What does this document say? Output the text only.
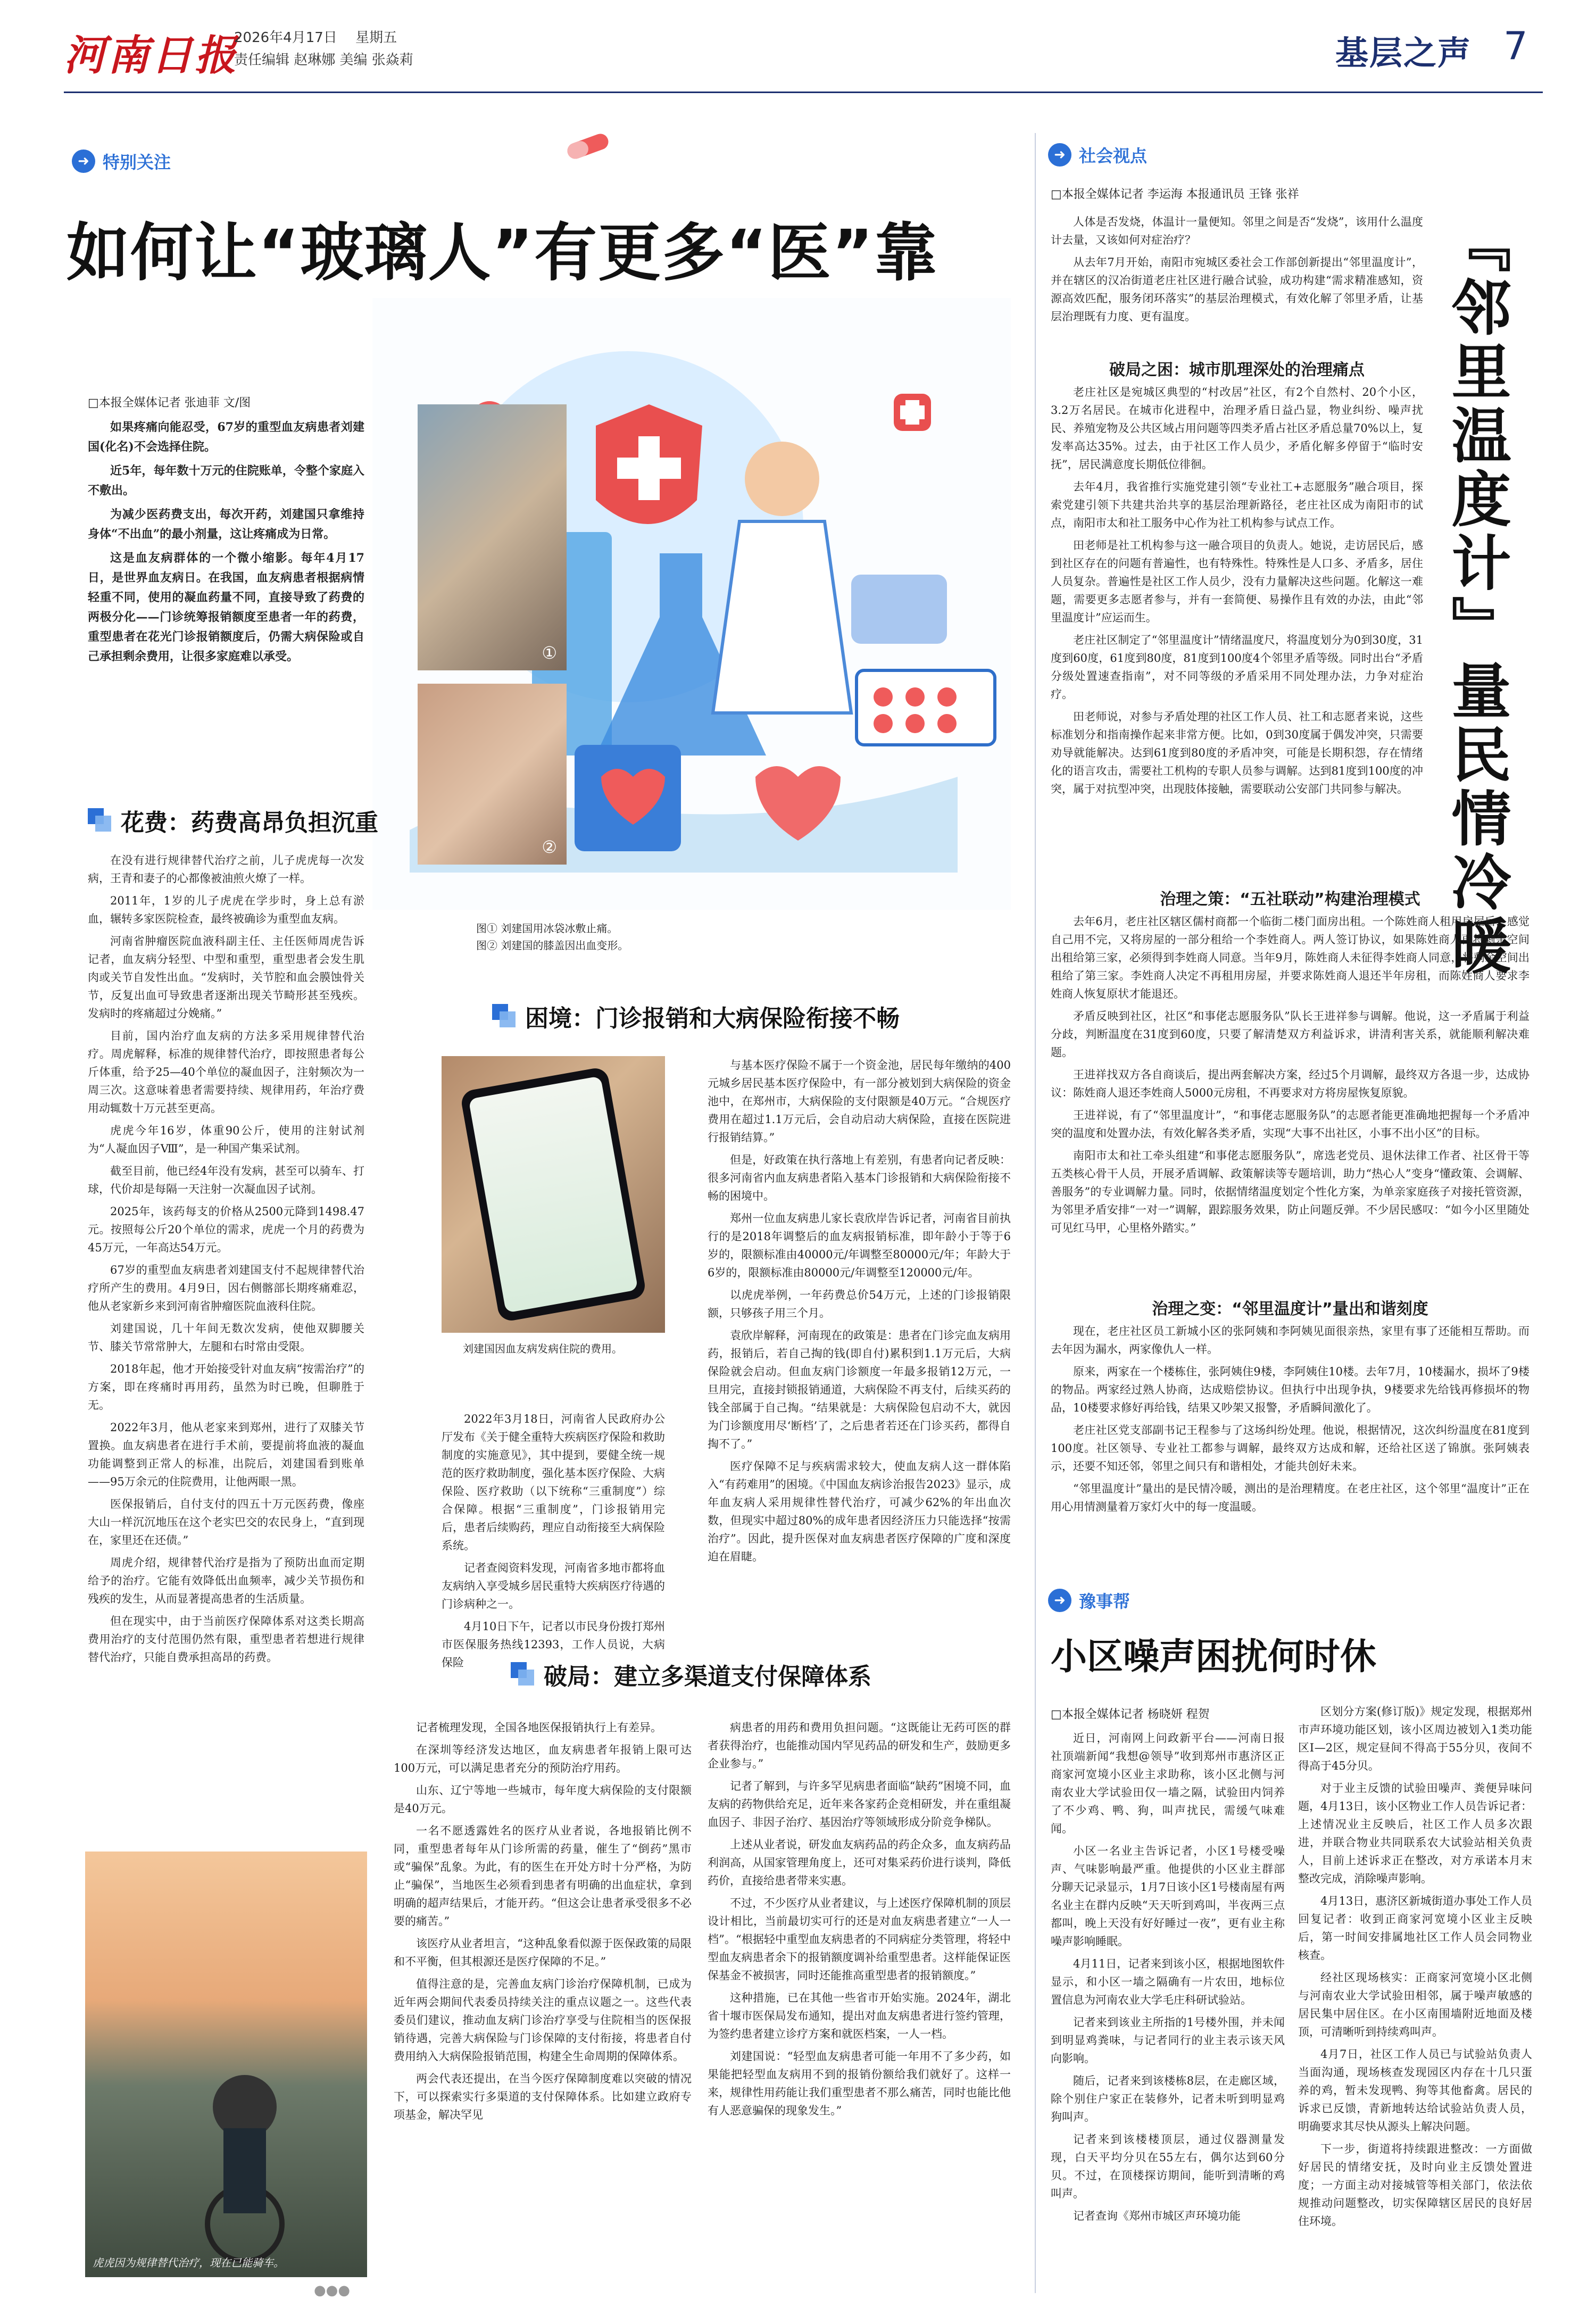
河南日报
2026年4月17日 星期五
责任编辑 赵琳娜 美编 张焱莉	基层之声 7
➜ 特别关注
如何让“玻璃人”有更多“医”靠
①
②
图① 刘建国用冰袋冰敷止痛。
图② 刘建国的膝盖因出血变形。
□本报全媒体记者 张迪菲 文/图

如果疼痛向能忍受，67岁的重型血友病患者刘建国(化名)不会选择住院。

近5年，每年数十万元的住院账单，令整个家庭入不敷出。

为减少医药费支出，每次开药，刘建国只拿维持身体“不出血”的最小剂量，这让疼痛成为日常。

这是血友病群体的一个微小缩影。每年4月17日，是世界血友病日。在我国，血友病患者根据病情轻重不同，使用的凝血药量不同，直接导致了药费的两极分化——门诊统筹报销额度至患者一年的药费，重型患者在花光门诊报销额度后，仍需大病保险或自己承担剩余费用，让很多家庭难以承受。

花费：药费高昂负担沉重

在没有进行规律替代治疗之前，儿子虎虎每一次发病，王青和妻子的心都像被油煎火燎了一样。

2011年，1岁的儿子虎虎在学步时，身上总有淤血，辗转多家医院检查，最终被确诊为重型血友病。

河南省肿瘤医院血液科副主任、主任医师周虎告诉记者，血友病分轻型、中型和重型，重型患者会发生肌肉或关节自发性出血。“发病时，关节腔和血会膜蚀骨关节，反复出血可导致患者逐渐出现关节畸形甚至残疾。发病时的疼痛超过分娩痛。”

目前，国内治疗血友病的方法多采用规律替代治疗。周虎解释，标准的规律替代治疗，即按照患者每公斤体重，给予25—40个单位的凝血因子，注射频次为一周三次。这意味着患者需要持续、规律用药，年治疗费用动辄数十万元甚至更高。

虎虎今年16岁，体重90公斤，使用的注射试剂为“人凝血因子Ⅷ”，是一种国产集采试剂。

截至目前，他已经4年没有发病，甚至可以骑车、打球，代价却是每隔一天注射一次凝血因子试剂。

2025年，该药每支的价格从2500元降到1498.47元。按照每公斤20个单位的需求，虎虎一个月的药费为45万元，一年高达54万元。

67岁的重型血友病患者刘建国支付不起规律替代治疗所产生的费用。4月9日，因右侧髂部长期疼痛难忍，他从老家新乡来到河南省肿瘤医院血液科住院。

刘建国说，几十年间无数次发病，使他双脚腰关节、膝关节常常肿大，左腿和右时常由受限。

2018年起，他才开始接受针对血友病“按需治疗”的方案，即在疼痛时再用药，虽然为时已晚，但聊胜于无。

2022年3月，他从老家来到郑州，进行了双膝关节置换。血友病患者在进行手术前，要提前将血液的凝血功能调整到正常人的标准，出院后，刘建国看到账单——95万余元的住院费用，让他两眼一黑。

医保报销后，自付支付的四五十万元医药费，像座大山一样沉沉地压在这个老实巴交的农民身上，“直到现在，家里还在还债。”

周虎介绍，规律替代治疗是指为了预防出血而定期给予的治疗。它能有效降低出血频率，减少关节损伤和残疾的发生，从而显著提高患者的生活质量。

但在现实中，由于当前医疗保障体系对这类长期高费用治疗的支付范围仍然有限，重型患者若想进行规律替代治疗，只能自费承担高昂的药费。

虎虎因为规律替代治疗，现在已能骑车。
●●●
困境：门诊报销和大病保险衔接不畅
刘建国因血友病发病住院的费用。

2022年3月18日，河南省人民政府办公厅发布《关于健全重特大疾病医疗保险和救助制度的实施意见》，其中提到，要健全统一规范的医疗救助制度，强化基本医疗保险、大病保险、医疗救助（以下统称“三重制度”）综合保障。根据“三重制度”，门诊报销用完后，患者后续购药，理应自动衔接至大病保险系统。

记者查阅资料发现，河南省多地市都将血友病纳入享受城乡居民重特大疾病医疗待遇的门诊病种之一。

4月10日下午，记者以市民身份拨打郑州市医保服务热线12393，工作人员说，大病保险

与基本医疗保险不属于一个资金池，居民每年缴纳的400元城乡居民基本医疗保险中，有一部分被划到大病保险的资金池中，在郑州市，大病保险的支付限额是40万元。“合规医疗费用在超过1.1万元后，会自动启动大病保险，直接在医院进行报销结算。”

但是，好政策在执行落地上有差别，有患者向记者反映：很多河南省内血友病患者陷入基本门诊报销和大病保险衔接不畅的困境中。

郑州一位血友病患儿家长袁欣岸告诉记者，河南省目前执行的是2018年调整后的血友病报销标准，即年龄小于等于6岁的，限额标准由40000元/年调整至80000元/年；年龄大于6岁的，限额标准由80000元/年调整至120000元/年。

以虎虎举例，一年药费总价54万元，上述的门诊报销限额，只够孩子用三个月。

袁欣岸解释，河南现在的政策是：患者在门诊完血友病用药，报销后，若自己掏的钱(即自付)累积到1.1万元后，大病保险就会启动。但血友病门诊额度一年最多报销12万元，一旦用完，直接封锁报销通道，大病保险不再支付，后续买药的钱全部属于自己掏。“结果就是：大病保险包启动不大，就因为门诊额度用尽‘断档’了，之后患者若还在门诊买药，都得自掏不了。”

医疗保障不足与疾病需求较大，使血友病人这一群体陷入“有药难用”的困境。《中国血友病诊治报告2023》显示，成年血友病人采用规律性替代治疗，可减少62%的年出血次数，但现实中超过80%的成年患者因经济压力只能选择“按需治疗”。因此，提升医保对血友病患者医疗保障的广度和深度迫在眉睫。

破局：建立多渠道支付保障体系

记者梳理发现，全国各地医保报销执行上有差异。

在深圳等经济发达地区，血友病患者年报销上限可达100万元，可以满足患者充分的预防治疗用药。

山东、辽宁等地一些城市，每年度大病保险的支付限额是40万元。

一名不愿透露姓名的医疗从业者说，各地报销比例不同，重型患者每年从门诊所需的药量，催生了“倒药”黑市或“骗保”乱象。为此，有的医生在开处方时十分严格，为防止“骗保”，当地医生必须看到患者有明确的出血症状，拿到明确的超声结果后，才能开药。“但这会让患者承受很多不必要的痛苦。”

该医疗从业者坦言，“这种乱象看似源于医保政策的局限和不平衡，但其根源还是医疗保障的不足。”

值得注意的是，完善血友病门诊治疗保障机制，已成为近年两会期间代表委员持续关注的重点议题之一。这些代表委员们建议，推动血友病门诊治疗享受与住院相当的医保报销待遇，完善大病保险与门诊保障的支付衔接，将患者自付费用纳入大病保险报销范围，构建全生命周期的保障体系。

两会代表还提出，在当今医疗保障制度难以突破的情况下，可以探索实行多渠道的支付保障体系。比如建立政府专项基金，解决罕见

病患者的用药和费用负担问题。“这既能让无药可医的群者获得治疗，也能推动国内罕见药品的研发和生产，鼓励更多企业参与。”

记者了解到，与许多罕见病患者面临“缺药”困境不同，血友病的药物供给充足，近年来各家药企竞相研发，并在重组凝血因子、非因子治疗、基因治疗等领域形成分阶竞争梯队。

上述从业者说，研发血友病药品的药企众多，血友病药品利润高，从国家管理角度上，还可对集采药价进行谈判，降低药价，直接给患者带来实惠。

不过，不少医疗从业者建议，与上述医疗保障机制的顶层设计相比，当前最切实可行的还是对血友病患者建立“一人一档”。“根据轻中重型血友病患者的不同病症分类管理，将轻中型血友病患者余下的报销额度调补给重型患者。这样能保证医保基金不被损害，同时还能推高重型患者的报销额度。”

这种措施，已在其他一些省市开始实施。2024年，湖北省十堰市医保局发布通知，提出对血友病患者进行签约管理，为签约患者建立诊疗方案和就医档案，一人一档。

刘建国说：“轻型血友病患者可能一年用不了多少药，如果能把轻型血友病用不到的报销份额给我们就好了。这样一来，规律性用药能让我们重型患者不那么痛苦，同时也能比他有人恶意骗保的现象发生。”

➜ 社会视点
□本报全媒体记者 李运海 本报通讯员 王锋 张祥
『邻里温度计』量民情冷暖

人体是否发烧，体温计一量便知。邻里之间是否“发烧”，该用什么温度计去量，又该如何对症治疗？

从去年7月开始，南阳市宛城区委社会工作部创新提出“邻里温度计”，并在辖区的汉冶街道老庄社区进行融合试验，成功构建“需求精准感知，资源高效匹配，服务闭环落实”的基层治理模式，有效化解了邻里矛盾，让基层治理既有力度、更有温度。

破局之困：城市肌理深处的治理痛点

老庄社区是宛城区典型的“村改居”社区，有2个自然村、20个小区，3.2万名居民。在城市化进程中，治理矛盾日益凸显，物业纠纷、噪声扰民、养殖宠物及公共区域占用问题等四类矛盾占社区矛盾总量70%以上，复发率高达35%。过去，由于社区工作人员少，矛盾化解多停留于“临时安抚”，居民满意度长期低位徘徊。

去年4月，我省推行实施党建引领“专业社工+志愿服务”融合项目，探索党建引领下共建共治共享的基层治理新路径，老庄社区成为南阳市的试点，南阳市太和社工服务中心作为社工机构参与试点工作。

田老师是社工机构参与这一融合项目的负责人。她说，走访居民后，感到社区存在的问题有普遍性，也有特殊性。特殊性是人口多、矛盾多，居住人员复杂。普遍性是社区工作人员少，没有力量解决这些问题。化解这一难题，需要更多志愿者参与，并有一套简便、易操作且有效的办法，由此“邻里温度计”应运而生。

老庄社区制定了“邻里温度计”情绪温度尺，将温度划分为0到30度，31度到60度，61度到80度，81度到100度4个邻里矛盾等级。同时出台“矛盾分级处置速查指南”，对不同等级的矛盾采用不同处理办法，力争对症治疗。

田老师说，对参与矛盾处理的社区工作人员、社工和志愿者来说，这些标准划分和指南操作起来非常方便。比如，0到30度属于偶发冲突，只需要劝导就能解决。达到61度到80度的矛盾冲突，可能是长期积怨，存在情绪化的语言攻击，需要社工机构的专职人员参与调解。达到81度到100度的冲突，属于对抗型冲突，出现肢体接触，需要联动公安部门共同参与解决。

治理之策：“五社联动”构建治理模式

去年6月，老庄社区辖区儒村商都一个临街二楼门面房出租。一个陈姓商人租用房屋后，感觉自己用不完，又将房屋的一部分租给一个李姓商人。两人签订协议，如果陈姓商人再将剩余空间出租给第三家，必须得到李姓商人同意。当年9月，陈姓商人未征得李姓商人同意，将剩余空间出租给了第三家。李姓商人决定不再租用房屋，并要求陈姓商人退还半年房租，而陈姓商人要求李姓商人恢复原状才能退还。

矛盾反映到社区，社区“和事佬志愿服务队”队长王进祥参与调解。他说，这一矛盾属于利益分歧，判断温度在31度到60度，只要了解清楚双方利益诉求，讲清利害关系，就能顺利解决难题。

王进祥找双方各自商谈后，提出两套解决方案，经过5个月调解，最终双方各退一步，达成协议：陈姓商人退还李姓商人5000元房租，不再要求对方将房屋恢复原貌。

王进祥说，有了“邻里温度计”，“和事佬志愿服务队”的志愿者能更准确地把握每一个矛盾冲突的温度和处置办法，有效化解各类矛盾，实现“大事不出社区，小事不出小区”的目标。

南阳市太和社工牵头组建“和事佬志愿服务队”，席选老党员、退休法律工作者、社区骨干等五类核心骨干人员，开展矛盾调解、政策解读等专题培训，助力“热心人”变身“懂政策、会调解、善服务”的专业调解力量。同时，依据情绪温度划定个性化方案，为单亲家庭孩子对接托管资源，为邻里矛盾安排“一对一”调解，跟踪服务效果，防止问题反弹。不少居民感叹：“如今小区里随处可见红马甲，心里格外踏实。”

治理之变：“邻里温度计”量出和谐刻度

现在，老庄社区员工新城小区的张阿姨和李阿姨见面很亲热，家里有事了还能相互帮助。而去年因为漏水，两家像仇人一样。

原来，两家在一个楼栋住，张阿姨住9楼，李阿姨住10楼。去年7月，10楼漏水，损坏了9楼的物品。两家经过熟人协商，达成赔偿协议。但执行中出现争执，9楼要求先给钱再修损坏的物品，10楼要求修好再给钱，结果又吵架又报警，矛盾瞬间激化了。

老庄社区党支部副书记王程参与了这场纠纷处理。他说，根据情况，这次纠纷温度在81度到100度。社区领导、专业社工都参与调解，最终双方达成和解，还给社区送了锦旗。张阿姨表示，还要不知还邻，邻里之间只有和谐相处，才能共创好未来。

“邻里温度计”量出的是民情冷暖，测出的是治理精度。在老庄社区，这个邻里“温度计”正在用心用情测量着万家灯火中的每一度温暖。

➜ 豫事帮
小区噪声困扰何时休
□本报全媒体记者 杨晓妍 程贺

近日，河南网上问政新平台——河南日报社顶端新闻“我想@领导”收到郑州市惠济区正商家河宽境小区业主求助称，该小区北侧与河南农业大学试验田仅一墙之隔，试验田内饲养了不少鸡、鸭、狗，叫声扰民，需缓气味难闻。

小区一名业主告诉记者，小区1号楼受噪声、气味影响最严重。他提供的小区业主群部分聊天记录显示，1月7日该小区1号楼南屋有两名业主在群内反映“天天听到鸡叫，半夜两三点都叫，晚上天没有好好睡过一夜”，更有业主称噪声影响睡眠。

4月11日，记者来到该小区，根据地图软件显示，和小区一墙之隔确有一片农田，地标位置信息为河南农业大学毛庄科研试验站。

记者来到该业主所指的1号楼外围，并未闻到明显鸡粪味，与记者同行的业主表示该天风向影响。

随后，记者来到该楼栋8层，在走廊区域，除个别住户家正在装修外，记者未听到明显鸡狗叫声。

记者来到该楼楼顶层，通过仪器测量发现，白天平均分贝在55左右，偶尔达到60分贝。不过，在顶楼探访期间，能听到清晰的鸡叫声。

记者查询《郑州市城区声环境功能

区划分方案(修订版)》规定发现，根据郑州市声环境功能区划，该小区周边被划入1类功能区Ⅰ—2区，规定昼间不得高于55分贝，夜间不得高于45分贝。

对于业主反馈的试验田噪声、粪便异味问题，4月13日，该小区物业工作人员告诉记者：上述情况业主反映后，社区工作人员多次跟进，并联合物业共同联系农大试验站相关负责人，目前上述诉求正在整改，对方承诺本月末整改完成，消除噪声影响。

4月13日，惠济区新城街道办事处工作人员回复记者：收到正商家河宽境小区业主反映后，第一时间安排属地社区工作人员会同物业核查。

经社区现场核实：正商家河宽境小区北侧与河南农业大学试验田相邻，属于噪声敏感的居民集中居住区。在小区南围墙附近地面及楼顶，可清晰听到持续鸡叫声。

4月7日，社区工作人员已与试验站负责人当面沟通，现场核查发现园区内存在十几只蛋养的鸡，暂未发现鸭、狗等其他畜禽。居民的诉求已反馈，青新地转达给试验站负责人员，明确要求其尽快从源头上解决问题。

下一步，街道将持续跟进整改：一方面做好居民的情绪安抚，及时向业主反馈处置进度；一方面主动对接城管等相关部门，依法依规推动问题整改，切实保障辖区居民的良好居住环境。
